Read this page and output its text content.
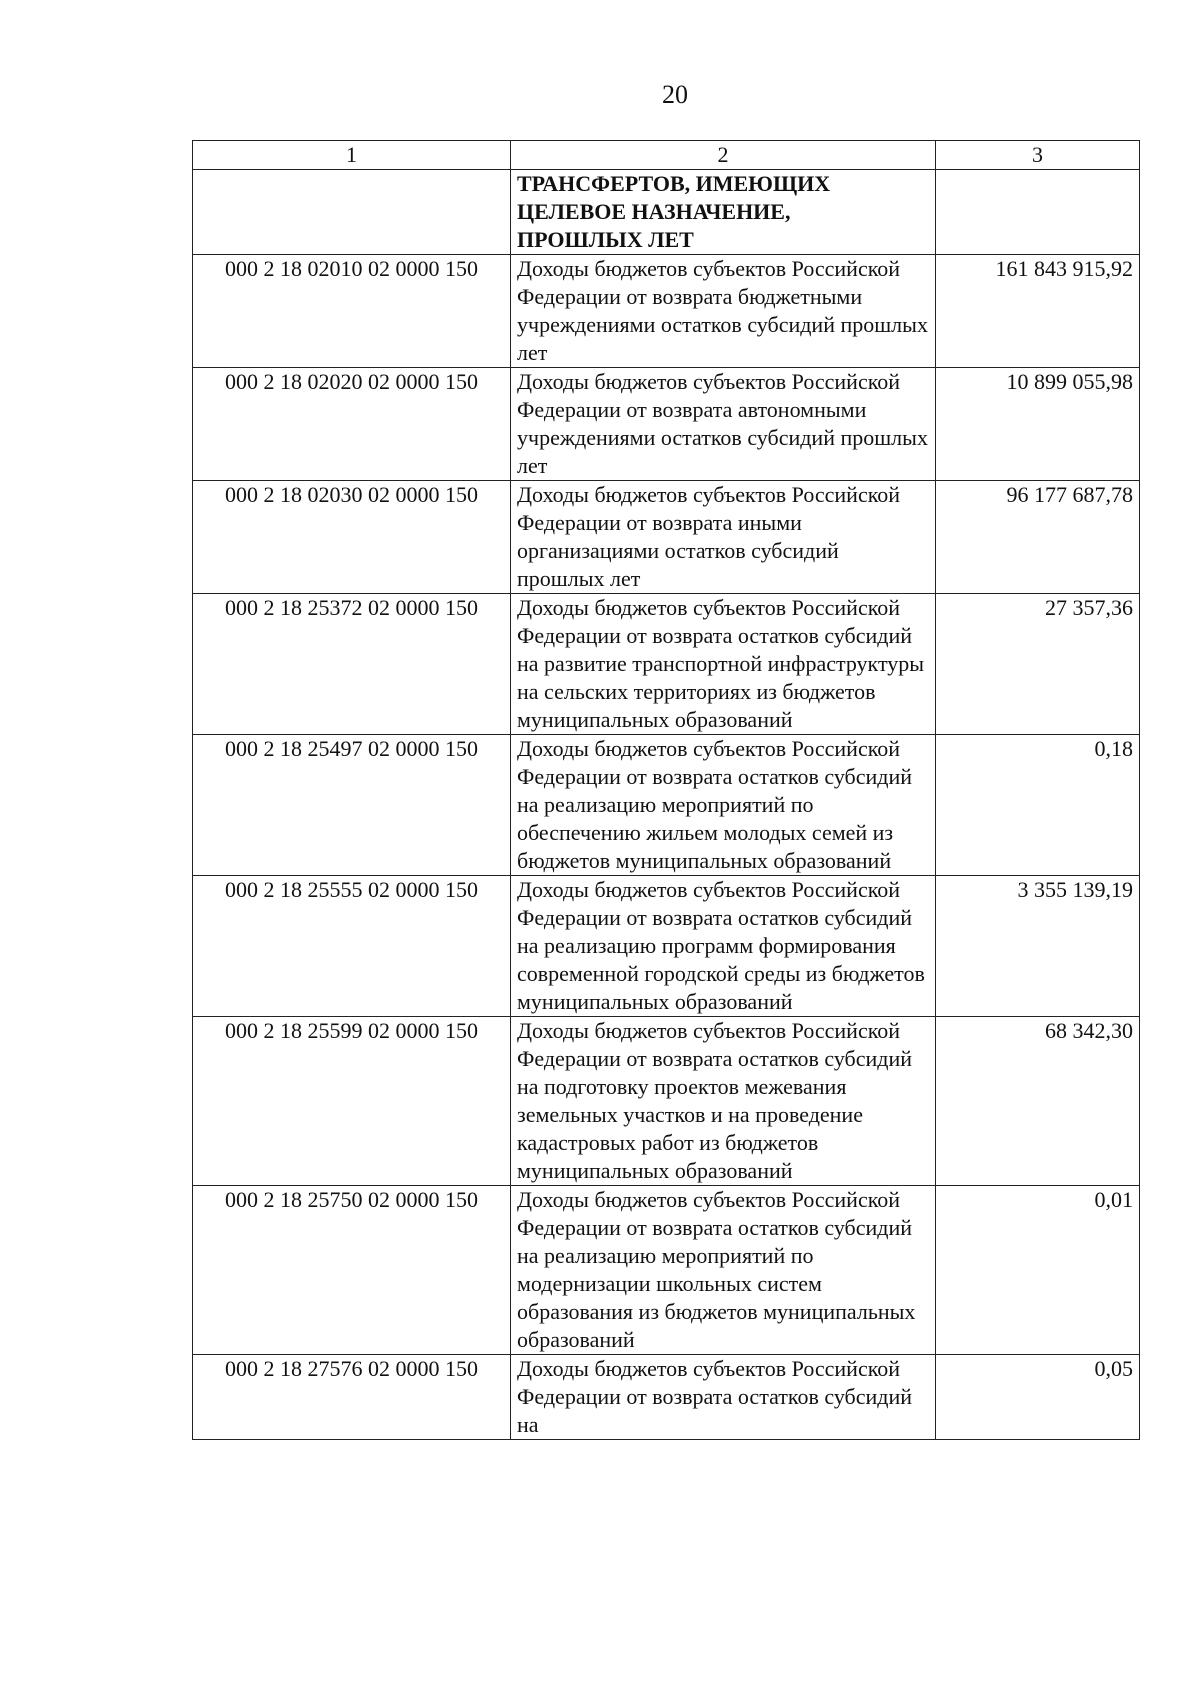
20
1	2	3
	ТРАНСФЕРТОВ, ИМЕЮЩИХ ЦЕЛЕВОЕ НАЗНАЧЕНИЕ, ПРОШЛЫХ ЛЕТ	
000 2 18 02010 02 0000 150	Доходы бюджетов субъектов Российской Федерации от возврата бюджетными учреждениями остатков субсидий прошлых лет	161 843 915,92
000 2 18 02020 02 0000 150	Доходы бюджетов субъектов Российской Федерации от возврата автономными учреждениями остатков субсидий прошлых лет	10 899 055,98
000 2 18 02030 02 0000 150	Доходы бюджетов субъектов Российской Федерации от возврата иными организациями остатков субсидий прошлых лет	96 177 687,78
000 2 18 25372 02 0000 150	Доходы бюджетов субъектов Российской Федерации от возврата остатков субсидий на развитие транспортной инфраструктуры на сельских территориях из бюджетов муниципальных образований	27 357,36
000 2 18 25497 02 0000 150	Доходы бюджетов субъектов Российской Федерации от возврата остатков субсидий на реализацию мероприятий по обеспечению жильем молодых семей из бюджетов муниципальных образований	0,18
000 2 18 25555 02 0000 150	Доходы бюджетов субъектов Российской Федерации от возврата остатков субсидий на реализацию программ формирования современной городской среды из бюджетов муниципальных образований	3 355 139,19
000 2 18 25599 02 0000 150	Доходы бюджетов субъектов Российской Федерации от возврата остатков субсидий на подготовку проектов межевания земельных участков и на проведение кадастровых работ из бюджетов муниципальных образований	68 342,30
000 2 18 25750 02 0000 150	Доходы бюджетов субъектов Российской Федерации от возврата остатков субсидий на реализацию мероприятий по модернизации школьных систем образования из бюджетов муниципальных образований	0,01
000 2 18 27576 02 0000 150	Доходы бюджетов субъектов Российской Федерации от возврата остатков субсидий на	0,05
